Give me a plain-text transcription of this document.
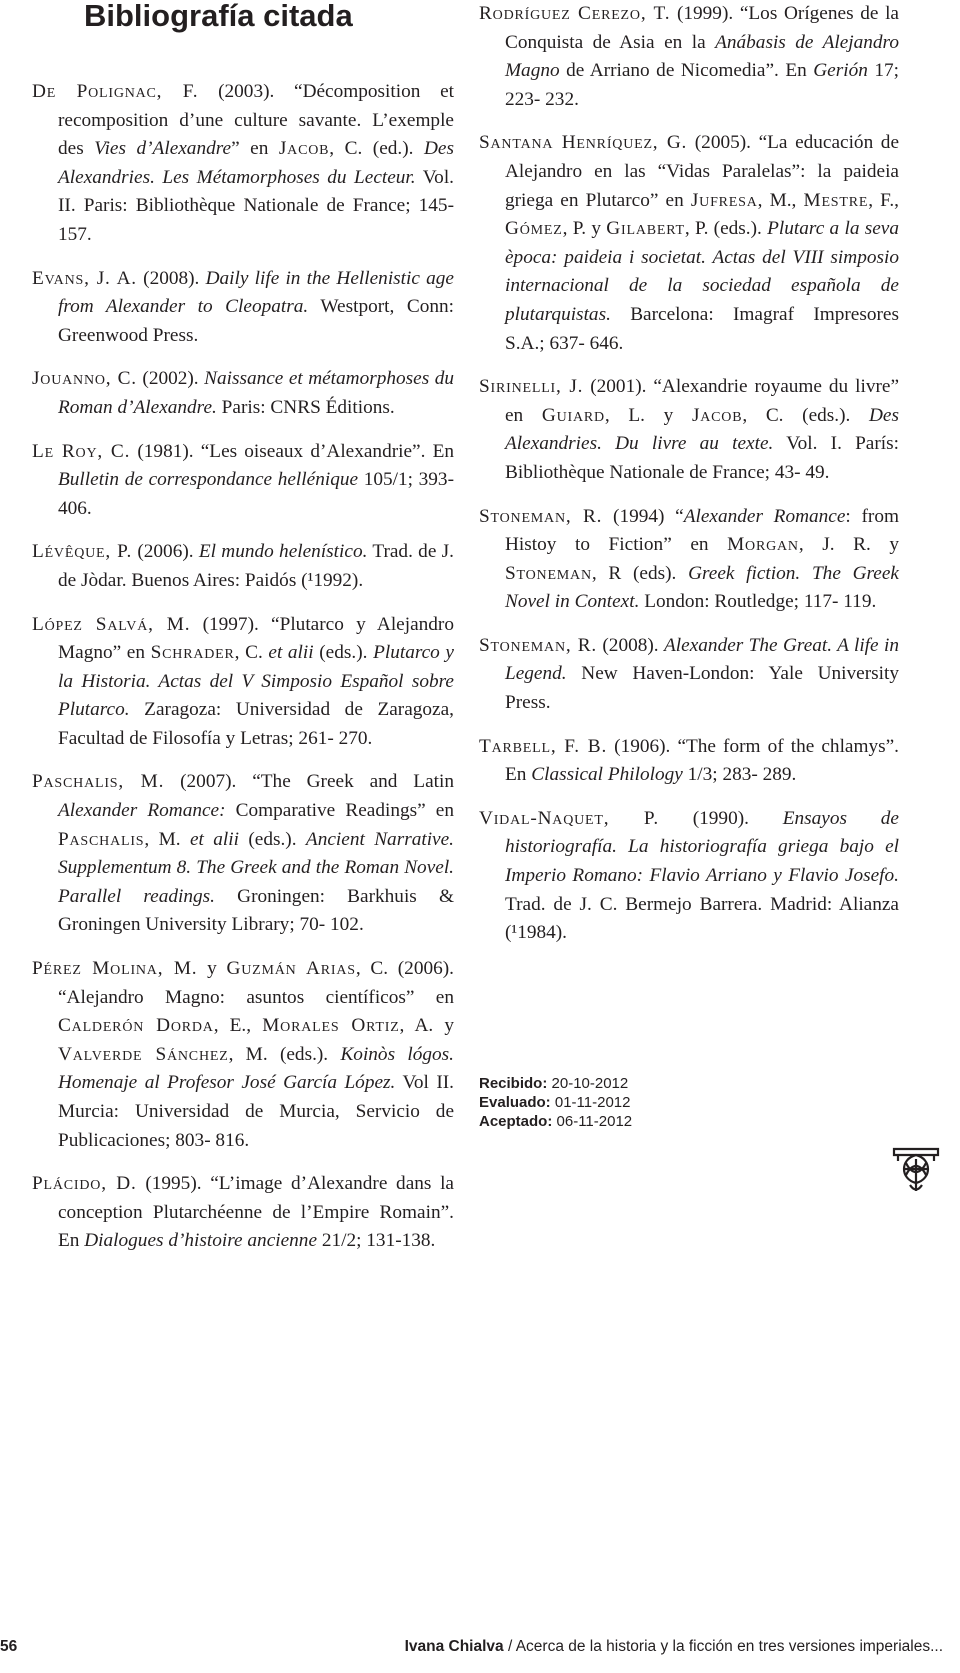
Bibliografía citada

De Polignac, F. (2003). “Décomposition et recomposition d’une culture savante. L’exemple des Vies d’Alexandre” en Jacob, C. (ed.). Des Alexandries. Les Métamorphoses du Lecteur. Vol. II. Paris: Bibliothèque Nationale de France; 145- 157.

Evans, J. A. (2008). Daily life in the Hellenistic age from Alexander to Cleopatra. Westport, Conn: Greenwood Press.

Jouanno, C. (2002). Naissance et métamorphoses du Roman d’Alexandre. Paris: CNRS Éditions.

Le Roy, C. (1981). “Les oiseaux d’Alexandrie”. En Bulletin de correspondance hellénique 105/1; 393-406.

Lévêque, P. (2006). El mundo helenístico. Trad. de J. de Jòdar. Buenos Aires: Paidós (¹1992).

López Salvá, M. (1997). “Plutarco y Alejandro Magno” en Schrader, C. et alii (eds.). Plutarco y la Historia. Actas del V Simposio Español sobre Plutarco. Zaragoza: Universidad de Zaragoza, Facultad de Filosofía y Letras; 261- 270.

Paschalis, M. (2007). “The Greek and Latin Alexander Romance: Comparative Readings” en Paschalis, M. et alii (eds.). Ancient Narrative. Supplementum 8. The Greek and the Roman Novel. Parallel readings. Groningen: Barkhuis & Groningen University Library; 70- 102.

Pérez Molina, M. y Guzmán Arias, C. (2006). “Alejandro Magno: asuntos científicos” en Calderón Dorda, E., Morales Ortiz, A. y Valverde Sánchez, M. (eds.). Koinòs lógos. Homenaje al Profesor José García López. Vol II. Murcia: Universidad de Murcia, Servicio de Publicaciones; 803- 816.

Plácido, D. (1995). “L’image d’Alexandre dans la conception Plutarchéenne de l’Empire Romain”. En Dialogues d’histoire ancienne 21/2; 131-138.

Rodríguez Cerezo, T. (1999). “Los Orígenes de la Conquista de Asia en la Anábasis de Alejandro Magno de Arriano de Nicomedia”. En Gerión 17; 223- 232.

Santana Henríquez, G. (2005). “La educación de Alejandro en las “Vidas Paralelas”: la paideia griega en Plutarco” en Jufresa, M., Mestre, F., Gómez, P. y Gilabert, P. (eds.). Plutarc a la seva època: paideia i societat. Actas del VIII simposio internacional de la sociedad española de plutarquistas. Barcelona: Imagraf Impresores S.A.; 637- 646.

Sirinelli, J. (2001). “Alexandrie royaume du livre” en Guiard, L. y Jacob, C. (eds.). Des Alexandries. Du livre au texte. Vol. I. París: Bibliothèque Nationale de France; 43- 49.

Stoneman, R. (1994) “Alexander Romance: from Histoy to Fiction” en Morgan, J. R. y Stoneman, R (eds). Greek fiction. The Greek Novel in Context. London: Routledge; 117- 119.

Stoneman, R. (2008). Alexander The Great. A life in Legend. New Haven-London: Yale University Press.

Tarbell, F. B. (1906). “The form of the chlamys”. En Classical Philology 1/3; 283- 289.

Vidal-Naquet, P. (1990). Ensayos de historiografía. La historiografía griega bajo el Imperio Romano: Flavio Arriano y Flavio Josefo. Trad. de J. C. Bermejo Barrera. Madrid: Alianza (¹1984).

Recibido: 20-10-2012
Evaluado: 01-11-2012
Aceptado: 06-11-2012
56	Ivana Chialva / Acerca de la historia y la ficción en tres versiones imperiales...
